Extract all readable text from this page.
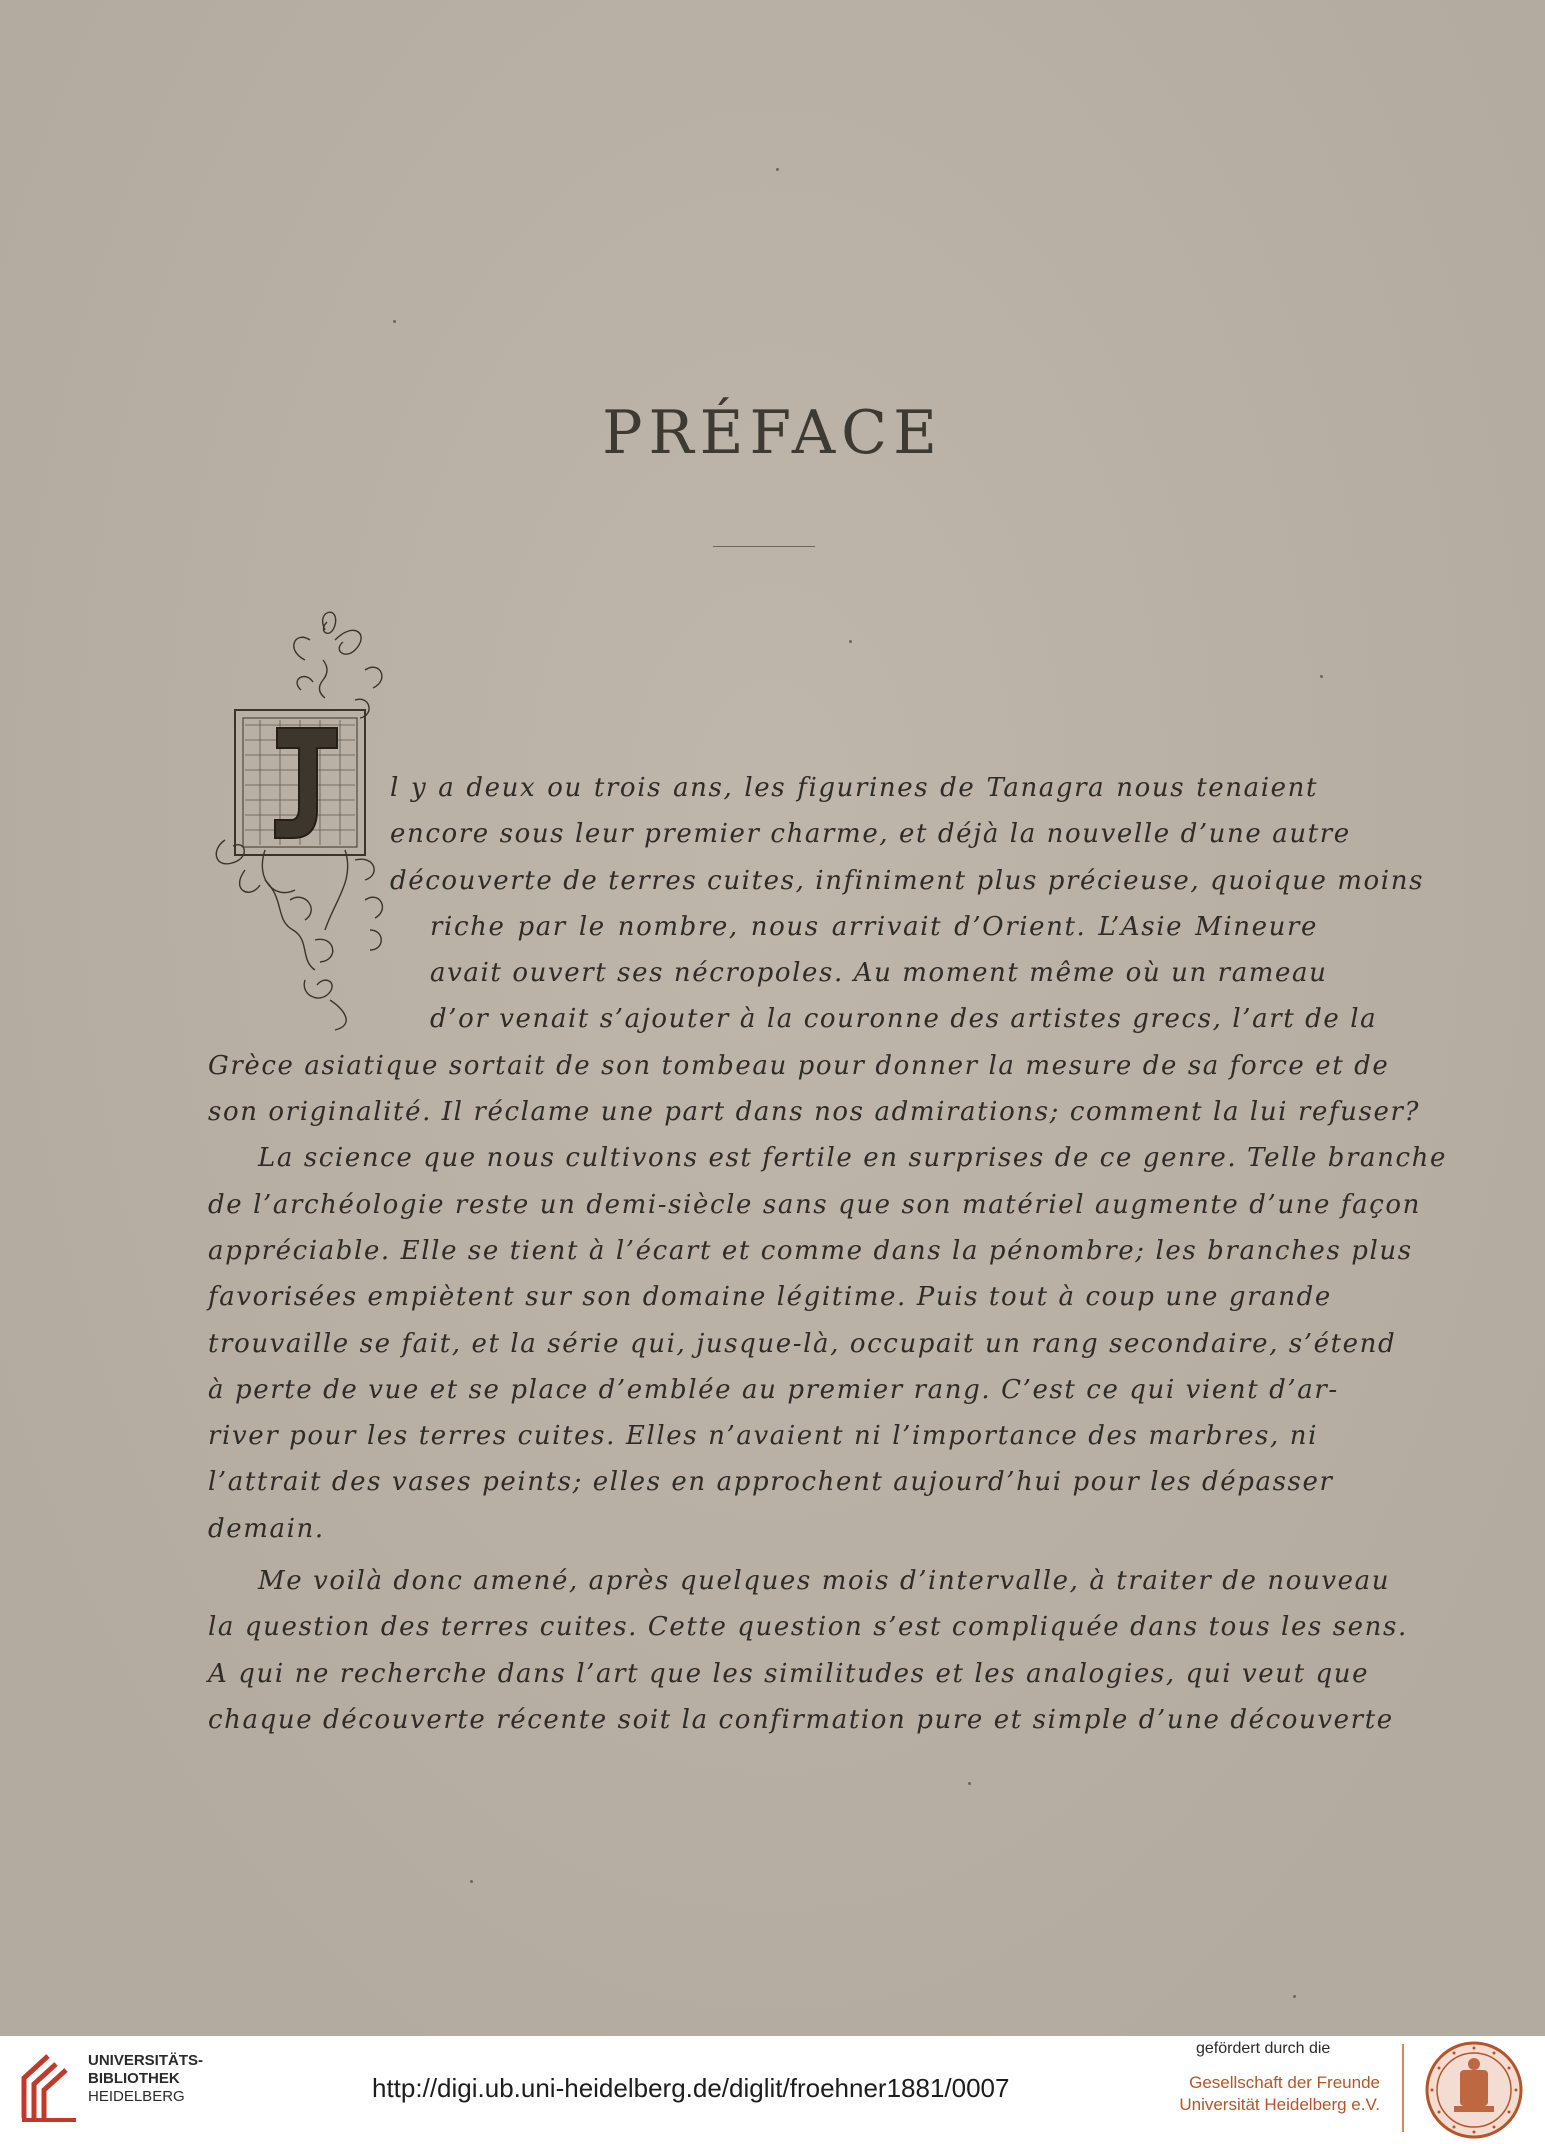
PRÉFACE
l y a deux ou trois ans, les figurines de Tanagra nous tenaient
encore sous leur premier charme, et déjà la nouvelle d’une autre
découverte de terres cuites, infiniment plus précieuse, quoique moins
riche par le nombre, nous arrivait d’Orient. L’Asie Mineure
avait ouvert ses nécropoles. Au moment même où un rameau
d’or venait s’ajouter à la couronne des artistes grecs, l’art de la
Grèce asiatique sortait de son tombeau pour donner la mesure de sa force et de
son originalité. Il réclame une part dans nos admirations; comment la lui refuser?
La science que nous cultivons est fertile en surprises de ce genre. Telle branche
de l’archéologie reste un demi-siècle sans que son matériel augmente d’une façon
appréciable. Elle se tient à l’écart et comme dans la pénombre; les branches plus
favorisées empiètent sur son domaine légitime. Puis tout à coup une grande
trouvaille se fait, et la série qui, jusque-là, occupait un rang secondaire, s’étend
à perte de vue et se place d’emblée au premier rang. C’est ce qui vient d’ar-
river pour les terres cuites. Elles n’avaient ni l’importance des marbres, ni
l’attrait des vases peints; elles en approchent aujourd’hui pour les dépasser
demain.
Me voilà donc amené, après quelques mois d’intervalle, à traiter de nouveau
la question des terres cuites. Cette question s’est compliquée dans tous les sens.
A qui ne recherche dans l’art que les similitudes et les analogies, qui veut que
chaque découverte récente soit la confirmation pure et simple d’une découverte
UNIVERSITÄTS-
BIBLIOTHEK
HEIDELBERG	http://digi.ub.uni-heidelberg.de/diglit/froehner1881/0007
gefördert durch die
Gesellschaft der Freunde
Universität Heidelberg e.V.
